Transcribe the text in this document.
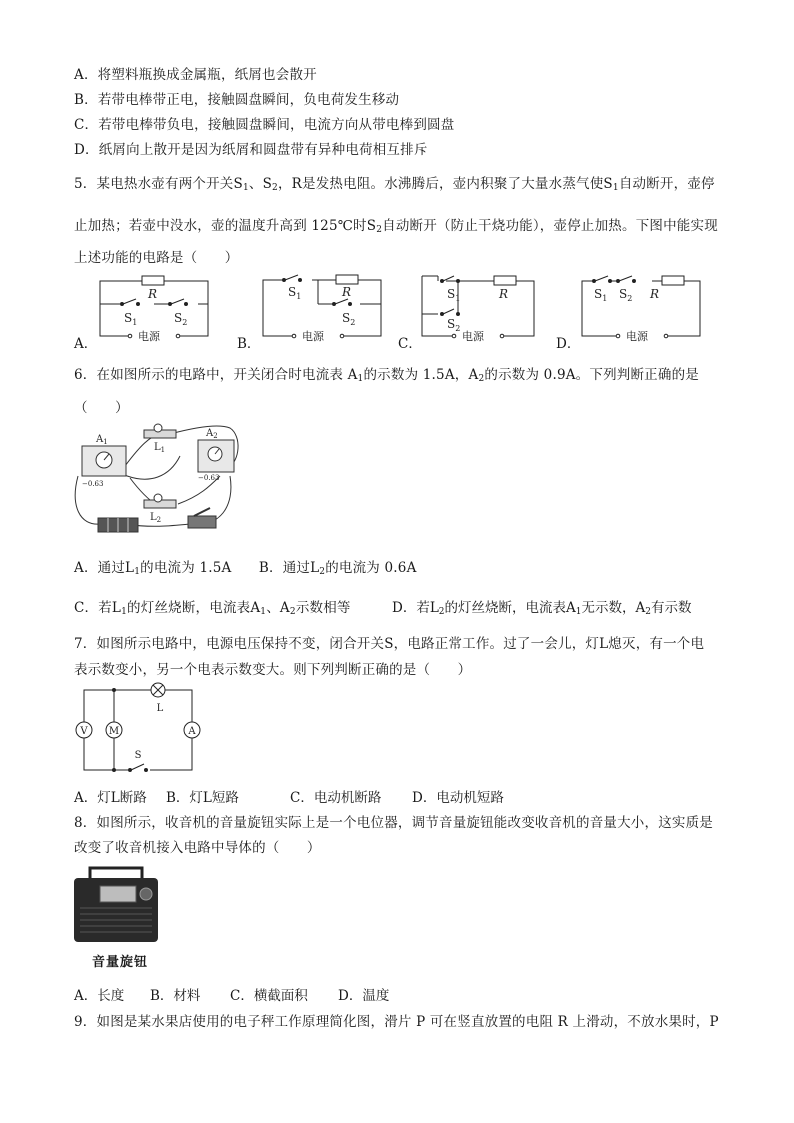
A．将塑料瓶换成金属瓶，纸屑也会散开
B．若带电棒带正电，接触圆盘瞬间，负电荷发生移动
C．若带电棒带负电，接触圆盘瞬间，电流方向从带电棒到圆盘
D．纸屑向上散开是因为纸屑和圆盘带有异种电荷相互排斥
5．某电热水壶有两个开关$S_1$、$S_2$，R是发热电阻。水沸腾后，壶内积聚了大量水蒸气使$S_1$自动断开，壶停
止加热；若壶中没水，壶的温度升高到 125℃时$S_2$自动断开（防止干烧功能），壶停止加热。下图中能实现
上述功能的电路是（　　）
R
$S_1$	$S_2$
电源
$S_1$	R
$S_2$
电源
$S_1$	R
$S_2$
电源
$S_1$ $S_2$ R
电源
A．	B．	C．	D．
6．在如图所示的电路中，开关闭合时电流表 $A_1$的示数为 1.5A，$A_2$的示数为 0.9A。下列判断正确的是
（　　）
$A_1$
$A_2$
$L_1$
$L_2$
−0.63
−0.63
A．通过$L_1$的电流为 1.5A　　 B．通过$L_2$的电流为 0.6A
C．若$L_1$的灯丝烧断，电流表$A_1$、$A_2$示数相等	D．若$L_2$的灯丝烧断，电流表$A_1$无示数，$A_2$有示数
7．如图所示电路中，电源电压保持不变，闭合开关S，电路正常工作。过了一会儿，灯L熄灭，有一个电
表示数变小，另一个电表示数变大。则下列判断正确的是（　　）
V M	A
L
S
A．灯L断路 B．灯L短路	C．电动机断路 D．电动机短路
8．如图所示，收音机的音量旋钮实际上是一个电位器，调节音量旋钮能改变收音机的音量大小，这实质是
改变了收音机接入电路中导体的（　　）
音量旋钮
A．长度 B．材料 C．横截面积 D．温度
9．如图是某水果店使用的电子秤工作原理简化图，滑片 P 可在竖直放置的电阻 R 上滑动，不放水果时，P
